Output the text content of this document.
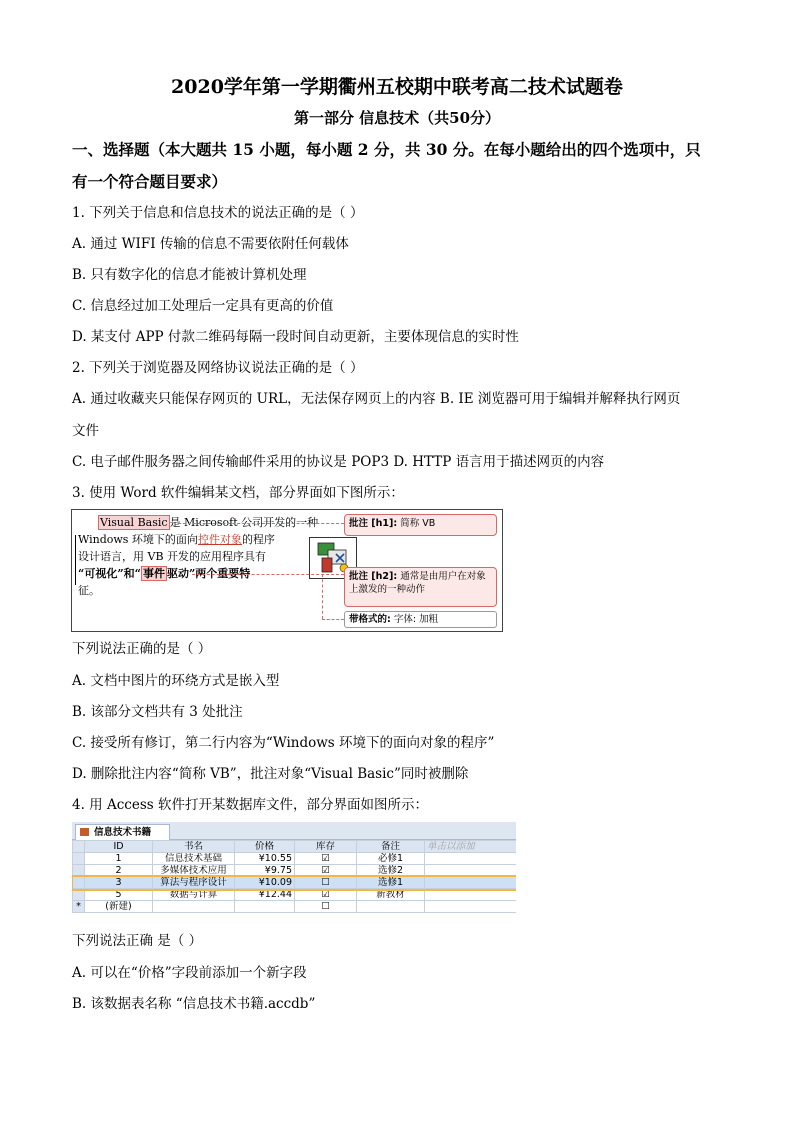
2020学年第一学期衢州五校期中联考高二技术试题卷
第一部分 信息技术（共50分）
一、选择题（本大题共 15 小题，每小题 2 分，共 30 分。在每小题给出的四个选项中，只
有一个符合题目要求）
1. 下列关于信息和信息技术的说法正确的是（ ）
A. 通过 WIFI 传输的信息不需要依附任何载体
B. 只有数字化的信息才能被计算机处理
C. 信息经过加工处理后一定具有更高的价值
D. 某支付 APP 付款二维码每隔一段时间自动更新，主要体现信息的实时性
2. 下列关于浏览器及网络协议说法正确的是（ ）
A. 通过收藏夹只能保存网页的 URL，无法保存网页上的内容 B. IE 浏览器可用于编辑并解释执行网页
文件
C. 电子邮件服务器之间传输邮件采用的协议是 POP3 D. HTTP 语言用于描述网页的内容
3. 使用 Word 软件编辑某文档，部分界面如下图所示：
Visual Basic 是 Microsoft 公司开发的一种
Windows 环境下的面向控件对象的程序
设计语言，用 VB 开发的应用程序具有
“可视化”和“ 事件 驱动”两个重要特
征。
批注 [h1]: 简称 VB
批注 [h2]: 通常是由用户在对象上激发的一种动作
带格式的: 字体: 加粗
下列说法正确的是（ ）
A. 文档中图片的环绕方式是嵌入型
B. 该部分文档共有 3 处批注
C. 接受所有修订，第二行内容为“Windows 环境下的面向对象的程序”
D. 删除批注内容“简称 VB”，批注对象“Visual Basic”同时被删除
4. 用 Access 软件打开某数据库文件，部分界面如图所示：
信息技术书籍
	ID	书名	价格	库存	备注	单击以添加
	1	信息技术基础	¥10.55	☑	必修1	
	2	多媒体技术应用	¥9.75	☑	选修2	
	3	算法与程序设计	¥10.09	☐	选修1	
	5	数据与计算	¥12.44	☑	新教材	
*	(新建)			☐		
下列说法正确 是（ ）
A. 可以在“价格”字段前添加一个新字段
B. 该数据表名称 “信息技术书籍.accdb”
